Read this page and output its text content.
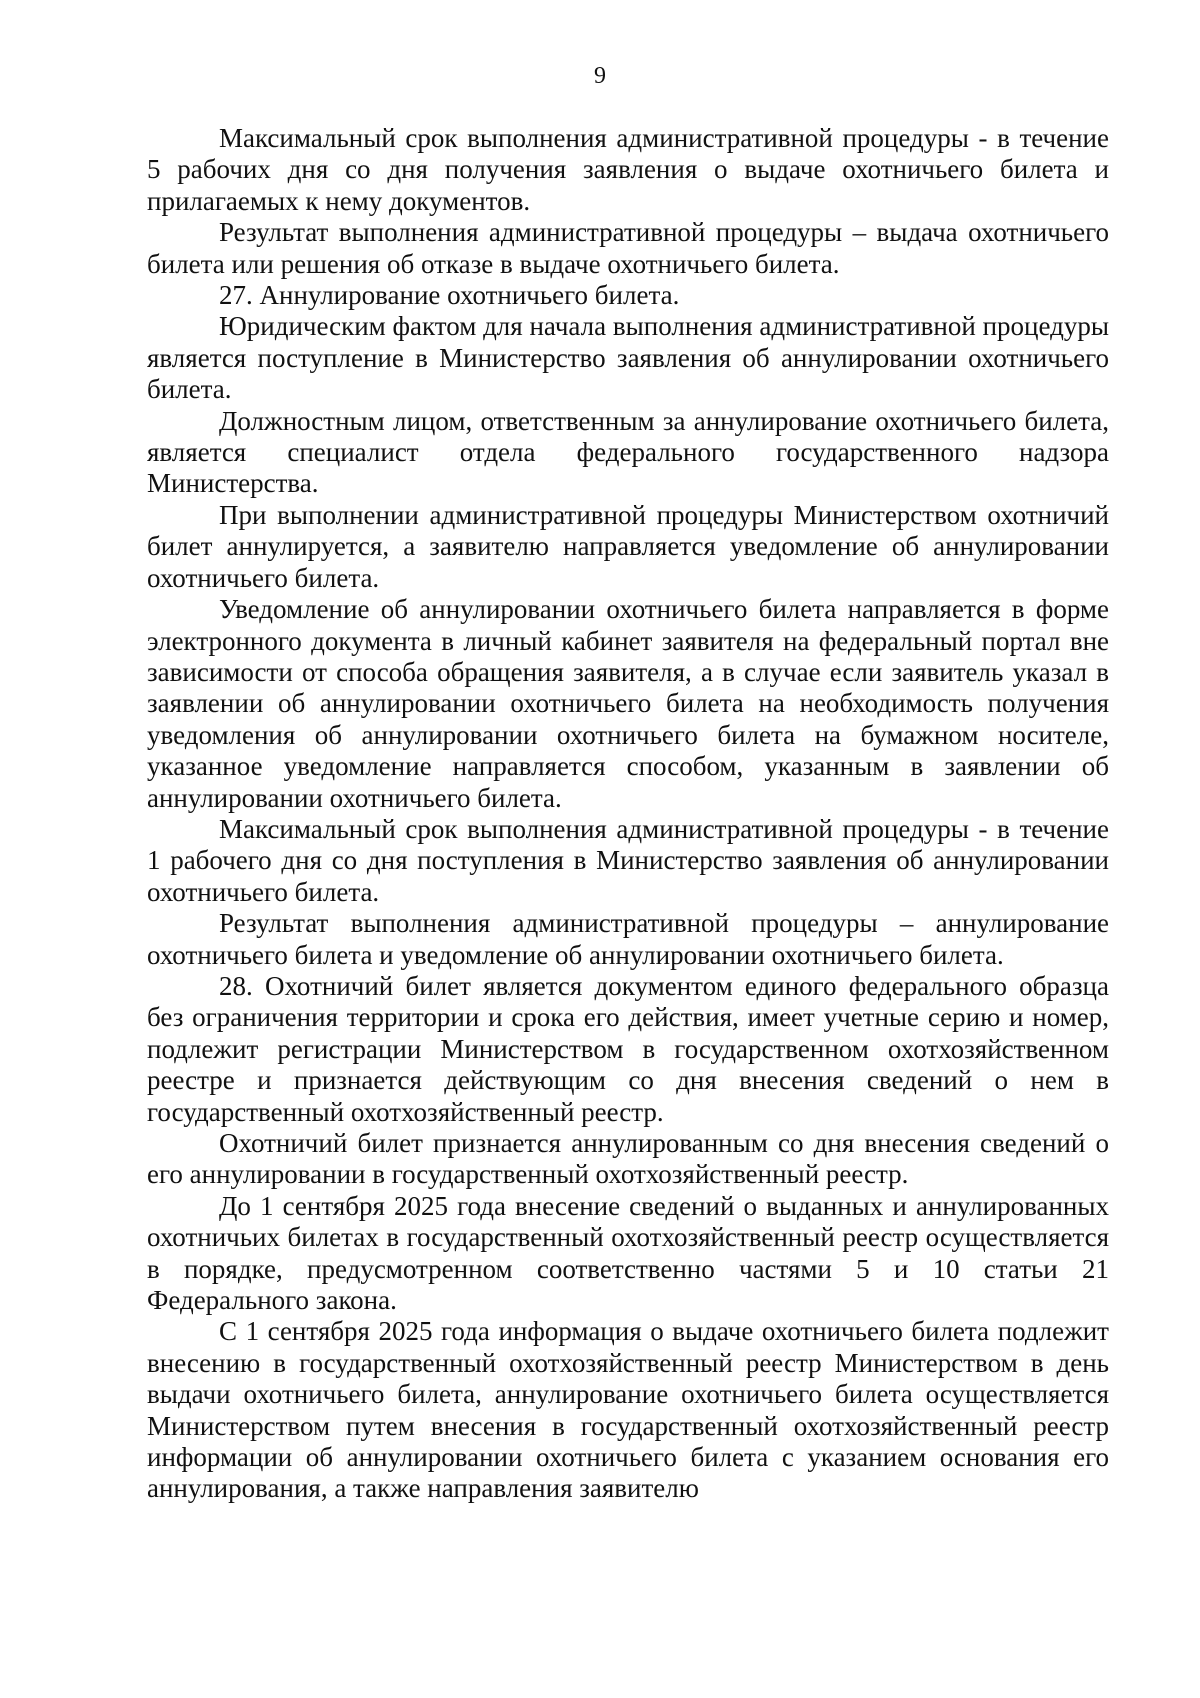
9

Максимальный срок выполнения административной процедуры - в течение 5 рабочих дня со дня получения заявления о выдаче охотничьего билета и прилагаемых к нему документов.

Результат выполнения административной процедуры – выдача охотничьего билета или решения об отказе в выдаче охотничьего билета.

27. Аннулирование охотничьего билета.

Юридическим фактом для начала выполнения административной процедуры является поступление в Министерство заявления об аннулировании охотничьего билета.

Должностным лицом, ответственным за аннулирование охотничьего билета, является специалист отдела федерального государственного надзора Министерства.

При выполнении административной процедуры Министерством охотничий билет аннулируется, а заявителю направляется уведомление об аннулировании охотничьего билета.

Уведомление об аннулировании охотничьего билета направляется в форме электронного документа в личный кабинет заявителя на федеральный портал вне зависимости от способа обращения заявителя, а в случае если заявитель указал в заявлении об аннулировании охотничьего билета на необходимость получения уведомления об аннулировании охотничьего билета на бумажном носителе, указанное уведомление направляется способом, указанным в заявлении об аннулировании охотничьего билета.

Максимальный срок выполнения административной процедуры - в течение 1 рабочего дня со дня поступления в Министерство заявления об аннулировании охотничьего билета.

Результат выполнения административной процедуры – аннулирование охотничьего билета и уведомление об аннулировании охотничьего билета.

28. Охотничий билет является документом единого федерального образца без ограничения территории и срока его действия, имеет учетные серию и номер, подлежит регистрации Министерством в государственном охотхозяйственном реестре и признается действующим со дня внесения сведений о нем в государственный охотхозяйственный реестр.

Охотничий билет признается аннулированным со дня внесения сведений о его аннулировании в государственный охотхозяйственный реестр.

До 1 сентября 2025 года внесение сведений о выданных и аннулированных охотничьих билетах в государственный охотхозяйственный реестр осуществляется в порядке, предусмотренном соответственно частями 5 и 10 статьи 21 Федерального закона.

С 1 сентября 2025 года информация о выдаче охотничьего билета подлежит внесению в государственный охотхозяйственный реестр Министерством в день выдачи охотничьего билета, аннулирование охотничьего билета осуществляется Министерством путем внесения в государственный охотхозяйственный реестр информации об аннулировании охотничьего билета с указанием основания его аннулирования, а также направления заявителю
